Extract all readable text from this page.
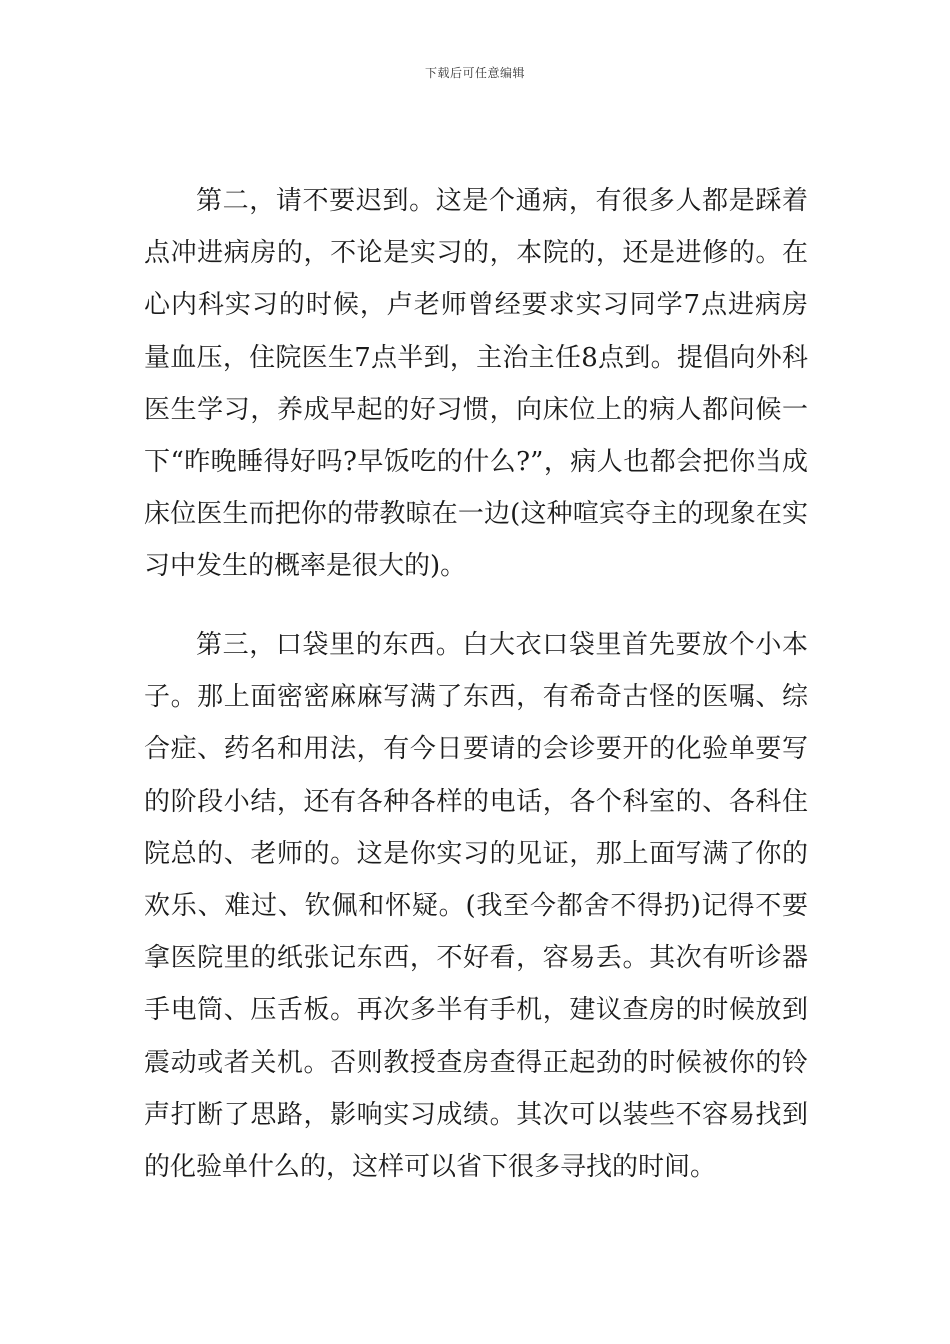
下载后可任意编辑

第二，请不要迟到。这是个通病，有很多人都是踩着点冲进病房的，不论是实习的，本院的，还是进修的。在心内科实习的时候，卢老师曾经要求实习同学7点进病房量血压，住院医生7点半到，主治主任8点到。提倡向外科医生学习，养成早起的好习惯，向床位上的病人都问候一下“昨晚睡得好吗?早饭吃的什么?”，病人也都会把你当成床位医生而把你的带教晾在一边(这种喧宾夺主的现象在实习中发生的概率是很大的)。

第三，口袋里的东西。白大衣口袋里首先要放个小本子。那上面密密麻麻写满了东西，有希奇古怪的医嘱、综合症、药名和用法，有今日要请的会诊要开的化验单要写的阶段小结，还有各种各样的电话，各个科室的、各科住院总的、老师的。这是你实习的见证，那上面写满了你的欢乐、难过、钦佩和怀疑。(我至今都舍不得扔)记得不要拿医院里的纸张记东西，不好看，容易丢。其次有听诊器手电筒、压舌板。再次多半有手机，建议查房的时候放到震动或者关机。否则教授查房查得正起劲的时候被你的铃声打断了思路，影响实习成绩。其次可以装些不容易找到的化验单什么的，这样可以省下很多寻找的时间。
